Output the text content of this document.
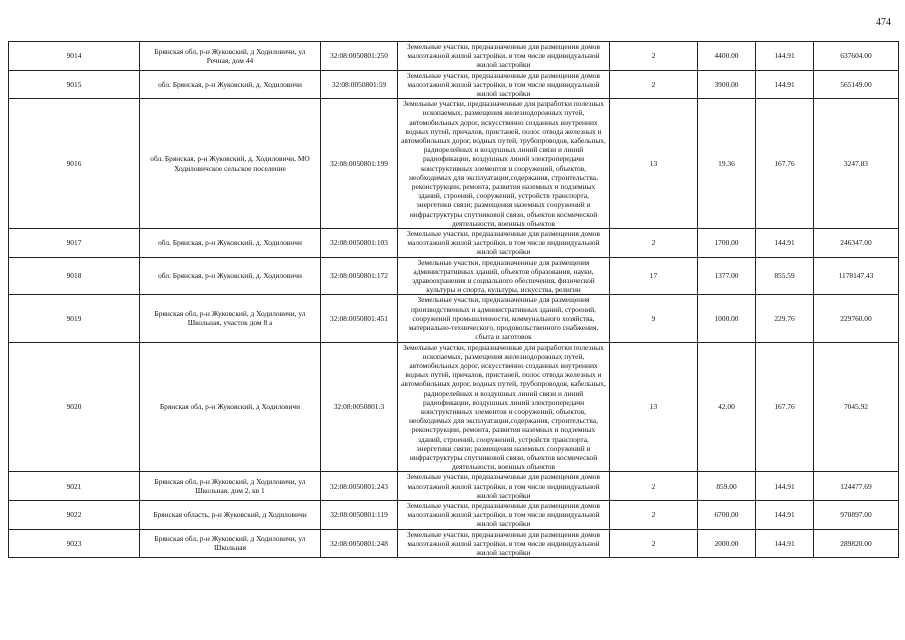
474
9014	Брянская обл, р-н Жуковский, д Ходиловичи, ул Речная, дом 44	32:08:0050801:250	Земельные участки, предназначенные для размещения домов малоэтажной жилой застройки, в том числе индивидуальной жилой застройки	2	4400.00	144.91	637604.00
9015	обл. Брянская, р-н Жуковский, д. Ходиловичи	32:08:0050801:59	Земельные участки, предназначенные для размещения домов малоэтажной жилой застройки, в том числе индивидуальной жилой застройки	2	3900.00	144.91	565149.00
9016	обл. Брянская, р-н Жуковский, д. Ходиловичи, МО Ходиловичское сельское поселение	32:08:0050801:199	Земельные участки, предназначенные для разработки полезных ископаемых, размещения железнодорожных путей, автомобильных дорог, искусственно созданных внутренних водных путей, причалов, пристаней, полос отвода железных и автомобильных дорог, водных путей, трубопроводов, кабельных, радиорелейных и воздушных линий связи и линий радиофикации, воздушных линий электропередачи конструктивных элементов и сооружений, объектов, необходимых для эксплуатации,содержания, строительства, реконструкции, ремонта, развития наземных и подземных зданий, строений, сооружений, устройств транспорта, энергетики связи; размещения наземных сооружений и инфраструктуры спутниковой связи, объектов космической деятельности, военных объектов	13	19.36	167.76	3247.83
9017	обл. Брянская, р-н Жуковский, д. Ходиловичи	32:08:0050801:103	Земельные участки, предназначенные для размещения домов малоэтажной жилой застройки, в том числе индивидуальной жилой застройки	2	1700.00	144.91	246347.00
9018	обл. Брянская, р-н Жуковский, д. Ходиловичи	32:08:0050801:172	Земельные участки, предназначенные для размещения административных зданий, объектов образования, науки, здравоохранения и социального обеспечения, физической культуры и спорта, культуры, искусства, религии	17	1377.00	855.59	1178147.43
9019	Брянская обл, р-н Жуковский, д Ходиловичи, ул Школьная, участок дом 8 а	32:08:0050801:451	Земельные участки, предназначенные для размещения производственных и административных зданий, строений, сооружений промышленности, коммунального хозяйства, материально-технического, продовольственного снабжения, сбыта и заготовок	9	1000.00	229.76	229760.00
9020	Брянская обл, р-н Жуковский, д Ходиловичи	32:08:0050801:3	Земельные участки, предназначенные для разработки полезных ископаемых, размещения железнодорожных путей, автомобильных дорог, искусственно созданных внутренних водных путей, причалов, пристаней, полос отвода железных и автомобильных дорог, водных путей, трубопроводов, кабельных, радиорелейных и воздушных линий связи и линий радиофикации, воздушных линий электропередачи конструктивных элементов и сооружений, объектов, необходимых для эксплуатации,содержания, строительства, реконструкции, ремонта, развития наземных и подземных зданий, строений, сооружений, устройств транспорта, энергетики связи; размещения наземных сооружений и инфраструктуры спутниковой связи, объектов космической деятельности, военных объектов	13	42.00	167.76	7045.92
9021	Брянская обл, р-н Жуковский, д Ходиловичи, ул Школьная, дом 2, кв 1	32:08:0050801:243	Земельные участки, предназначенные для размещения домов малоэтажной жилой застройки, в том числе индивидуальной жилой застройки	2	859.00	144.91	124477.69
9022	Брянская область, р-н Жуковский, д Ходиловичи	32:08:0050801:119	Земельные участки, предназначенные для размещения домов малоэтажной жилой застройки, в том числе индивидуальной жилой застройки	2	6700.00	144.91	970897.00
9023	Брянская обл, р-н Жуковский, д Ходиловичи, ул Школьная	32:08:0050801:248	Земельные участки, предназначенные для размещения домов малоэтажной жилой застройки, в том числе индивидуальной жилой застройки	2	2000.00	144.91	289820.00
